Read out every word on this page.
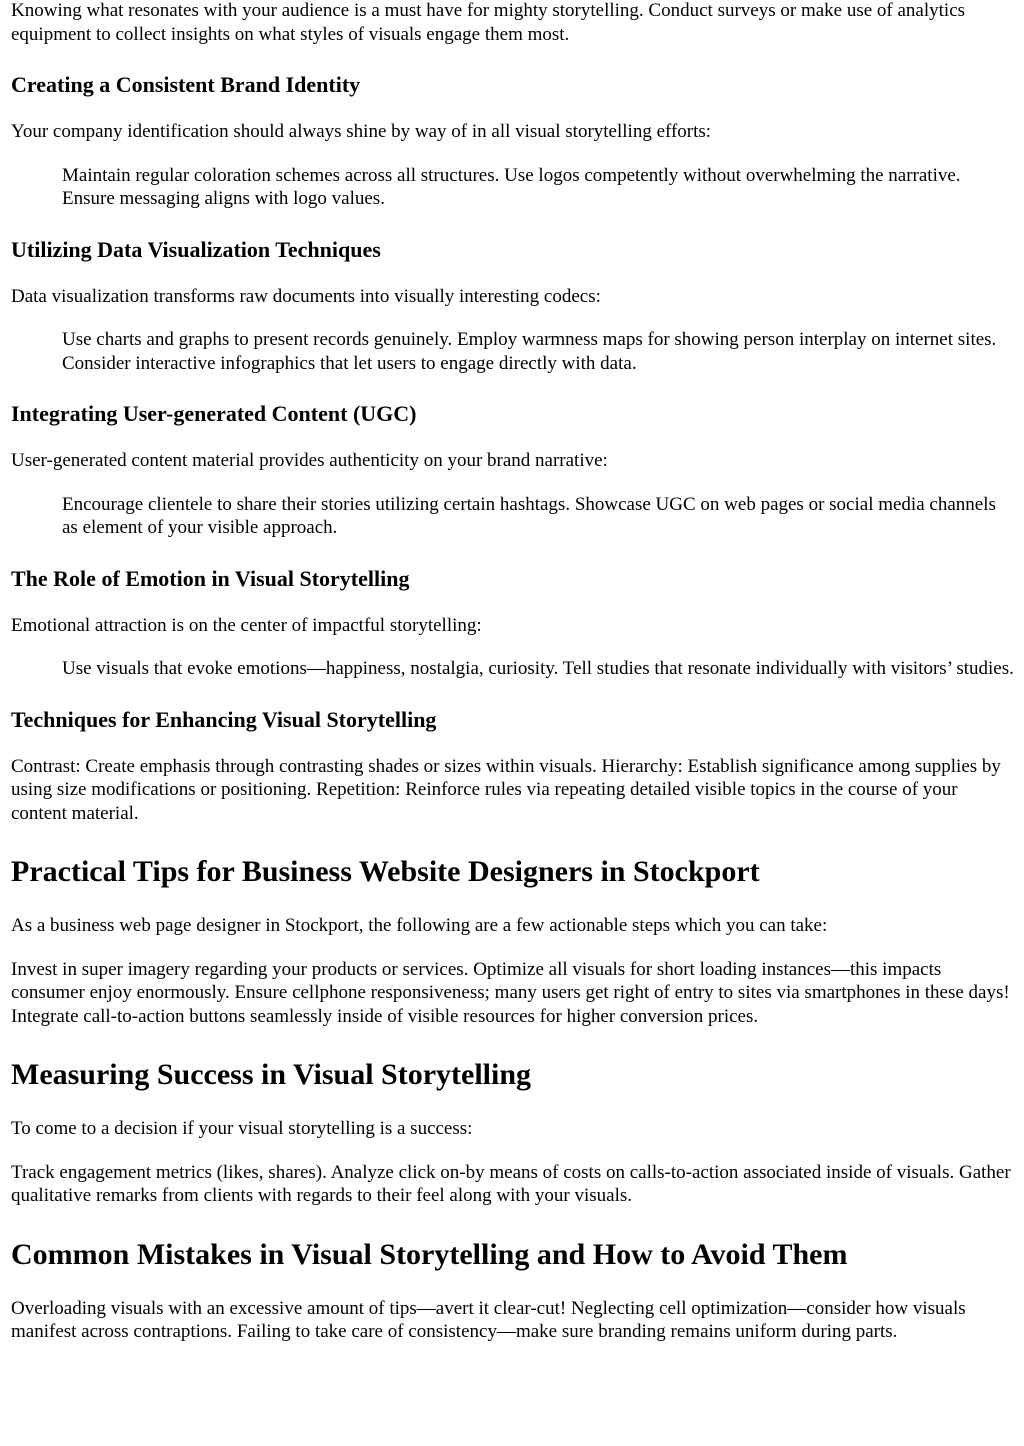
Knowing what resonates with your audience is a must have for mighty storytelling. Conduct surveys or make use of analytics equipment to collect insights on what styles of visuals engage them most.

Creating a Consistent Brand Identity

Your company identification should always shine by way of in all visual storytelling efforts:

Maintain regular coloration schemes across all structures. Use logos competently without overwhelming the narrative. Ensure messaging aligns with logo values.
Utilizing Data Visualization Techniques

Data visualization transforms raw documents into visually interesting codecs:

Use charts and graphs to present records genuinely. Employ warmness maps for showing person interplay on internet sites. Consider interactive infographics that let users to engage directly with data.
Integrating User-generated Content (UGC)

User-generated content material provides authenticity on your brand narrative:

Encourage clientele to share their stories utilizing certain hashtags. Showcase UGC on web pages or social media channels as element of your visible approach.
The Role of Emotion in Visual Storytelling

Emotional attraction is on the center of impactful storytelling:

Use visuals that evoke emotions—happiness, nostalgia, curiosity. Tell studies that resonate individually with visitors’ studies.
Techniques for Enhancing Visual Storytelling

Contrast: Create emphasis through contrasting shades or sizes within visuals. Hierarchy: Establish significance among supplies by using size modifications or positioning. Repetition: Reinforce rules via repeating detailed visible topics in the course of your content material.

Practical Tips for Business Website Designers in Stockport

As a business web page designer in Stockport, the following are a few actionable steps which you can take:

Invest in super imagery regarding your products or services. Optimize all visuals for short loading instances—this impacts consumer enjoy enormously. Ensure cellphone responsiveness; many users get right of entry to sites via smartphones in these days! Integrate call-to-action buttons seamlessly inside of visible resources for higher conversion prices.

Measuring Success in Visual Storytelling

To come to a decision if your visual storytelling is a success:

Track engagement metrics (likes, shares). Analyze click on-by means of costs on calls-to-action associated inside of visuals. Gather qualitative remarks from clients with regards to their feel along with your visuals.

Common Mistakes in Visual Storytelling and How to Avoid Them

Overloading visuals with an excessive amount of tips—avert it clear-cut! Neglecting cell optimization—consider how visuals manifest across contraptions. Failing to take care of consistency—make sure branding remains uniform during parts.
